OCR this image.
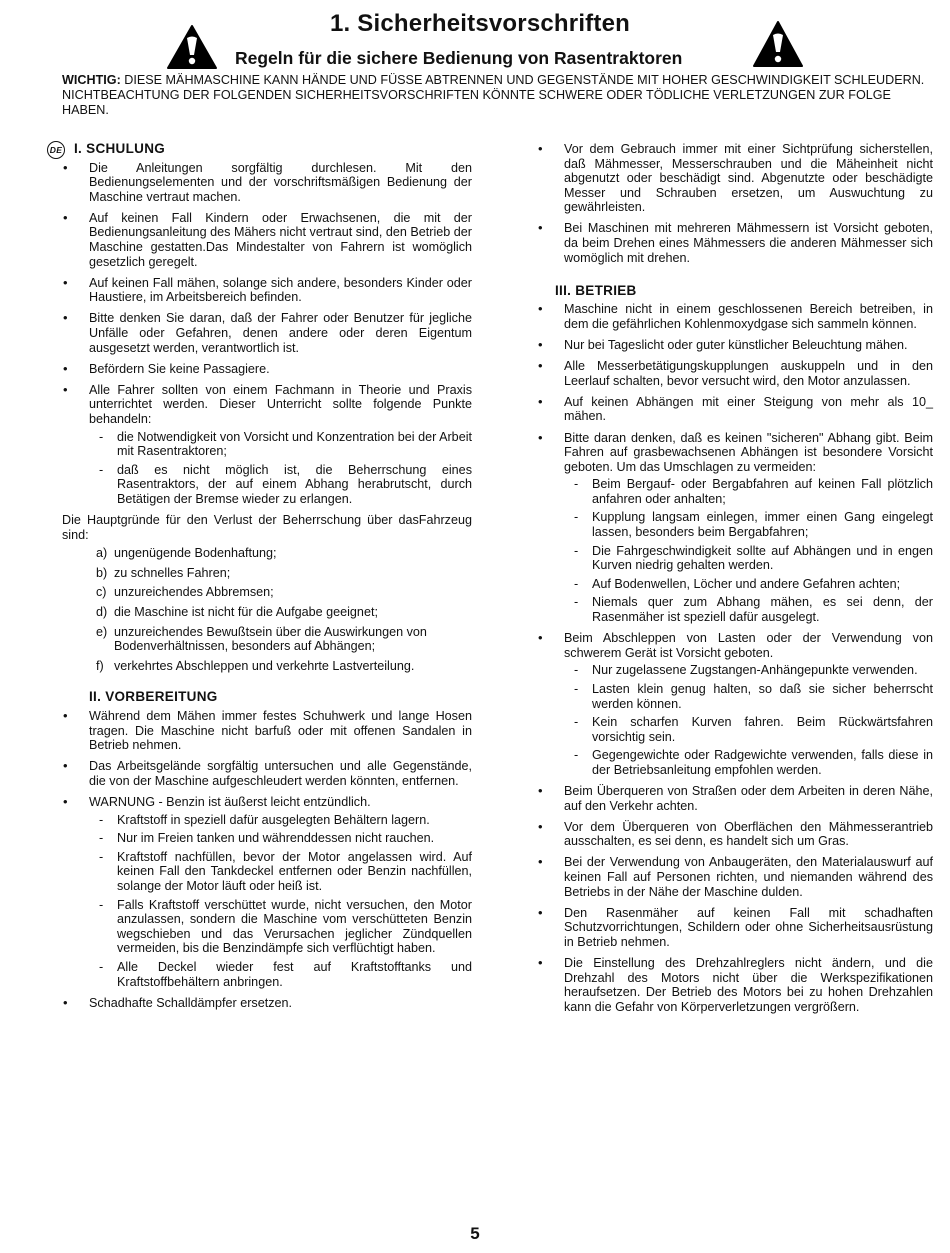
1. Sicherheitsvorschriften
Regeln für die sichere Bedienung von Rasentraktoren
WICHTIG: DIESE MÄHMASCHINE KANN HÄNDE UND FÜSSE ABTRENNEN UND GEGENSTÄNDE MIT HOHER GESCHWINDIGKEIT SCHLEUDERN. NICHTBEACHTUNG DER FOLGENDEN SICHERHEITSVORSCHRIFTEN KÖNNTE SCHWERE ODER TÖDLICHE VERLETZUNGEN ZUR FOLGE HABEN.
DE I. SCHULUNG
• Die Anleitungen sorgfältig durchlesen. Mit den Bedienungselementen und der vorschriftsmäßigen Bedienung der Maschine vertraut machen.
• Auf keinen Fall Kindern oder Erwachsenen, die mit der Bedienungsanleitung des Mähers nicht vertraut sind, den Betrieb der Maschine gestatten.Das Mindestalter von Fahrern ist womöglich gesetzlich geregelt.
• Auf keinen Fall mähen, solange sich andere, besonders Kinder oder Haustiere, im Arbeitsbereich befinden.
• Bitte denken Sie daran, daß der Fahrer oder Benutzer für jegliche Unfälle oder Gefahren, denen andere oder deren Eigentum ausgesetzt werden, verantwortlich ist.
• Befördern Sie keine Passagiere.
• Alle Fahrer sollten von einem Fachmann in Theorie und Praxis unterrichtet werden. Dieser Unterricht sollte folgende Punkte behandeln:
- die Notwendigkeit von Vorsicht und Konzentration bei der Arbeit mit Rasentraktoren;
- daß es nicht möglich ist, die Beherrschung eines Rasentraktors, der auf einem Abhang herabrutscht, durch Betätigen der Bremse wieder zu erlangen.

Die Hauptgründe für den Verlust der Beherrschung über dasFahrzeug sind:

a) ungenügende Bodenhaftung;
b) zu schnelles Fahren;
c) unzureichendes Abbremsen;
d) die Maschine ist nicht für die Aufgabe geeignet;
e) unzureichendes Bewußtsein über die Auswirkungen von Bodenverhältnissen, besonders auf Abhängen;
f) verkehrtes Abschleppen und verkehrte Lastverteilung.
II. VORBEREITUNG
• Während dem Mähen immer festes Schuhwerk und lange Hosen tragen. Die Maschine nicht barfuß oder mit offenen Sandalen in Betrieb nehmen.
• Das Arbeitsgelände sorgfältig untersuchen und alle Gegenstände, die von der Maschine aufgeschleudert werden könnten, entfernen.
• WARNUNG - Benzin ist äußerst leicht entzündlich.
- Kraftstoff in speziell dafür ausgelegten Behältern lagern.
- Nur im Freien tanken und währenddessen nicht rauchen.
- Kraftstoff nachfüllen, bevor der Motor angelassen wird. Auf keinen Fall den Tankdeckel entfernen oder Benzin nachfüllen, solange der Motor läuft oder heiß ist.
- Falls Kraftstoff verschüttet wurde, nicht versuchen, den Motor anzulassen, sondern die Maschine vom verschütteten Benzin wegschieben und das Verursachen jeglicher Zündquellen vermeiden, bis die Benzindämpfe sich verflüchtigt haben.
- Alle Deckel wieder fest auf Kraftstofftanks und Kraftstoffbehältern anbringen.
• Schadhafte Schalldämpfer ersetzen.
• Vor dem Gebrauch immer mit einer Sichtprüfung sicherstellen, daß Mähmesser, Messerschrauben und die Mäheinheit nicht abgenutzt oder beschädigt sind. Abgenutzte oder beschädigte Messer und Schrauben ersetzen, um Auswuchtung zu gewährleisten.
• Bei Maschinen mit mehreren Mähmessern ist Vorsicht geboten, da beim Drehen eines Mähmessers die anderen Mähmesser sich womöglich mit drehen.
III. BETRIEB
• Maschine nicht in einem geschlossenen Bereich betreiben, in dem die gefährlichen Kohlenmoxydgase sich sammeln können.
• Nur bei Tageslicht oder guter künstlicher Beleuchtung mähen.
• Alle Messerbetätigungskupplungen auskuppeln und in den Leerlauf schalten, bevor versucht wird, den Motor anzulassen.
• Auf keinen Abhängen mit einer Steigung von mehr als 10_ mähen.
• Bitte daran denken, daß es keinen "sicheren" Abhang gibt. Beim Fahren auf grasbewachsenen Abhängen ist besondere Vorsicht geboten. Um das Umschlagen zu vermeiden:
- Beim Bergauf- oder Bergabfahren auf keinen Fall plötzlich anfahren oder anhalten;
- Kupplung langsam einlegen, immer einen Gang eingelegt lassen, besonders beim Bergabfahren;
- Die Fahrgeschwindigkeit sollte auf Abhängen und in engen Kurven niedrig gehalten werden.
- Auf Bodenwellen, Löcher und andere Gefahren achten;
- Niemals quer zum Abhang mähen, es sei denn, der Rasenmäher ist speziell dafür ausgelegt.
• Beim Abschleppen von Lasten oder der Verwendung von schwerem Gerät ist Vorsicht geboten.
- Nur zugelassene Zugstangen-Anhängepunkte verwenden.
- Lasten klein genug halten, so daß sie sicher beherrscht werden können.
- Kein scharfen Kurven fahren. Beim Rückwärtsfahren vorsichtig sein.
- Gegengewichte oder Radgewichte verwenden, falls diese in der Betriebsanleitung empfohlen werden.
• Beim Überqueren von Straßen oder dem Arbeiten in deren Nähe, auf den Verkehr achten.
• Vor dem Überqueren von Oberflächen den Mähmesserantrieb ausschalten, es sei denn, es handelt sich um Gras.
• Bei der Verwendung von Anbaugeräten, den Materialauswurf auf keinen Fall auf Personen richten, und niemanden während des Betriebs in der Nähe der Maschine dulden.
• Den Rasenmäher auf keinen Fall mit schadhaften Schutzvorrichtungen, Schildern oder ohne Sicherheitsausrüstung in Betrieb nehmen.
• Die Einstellung des Drehzahlreglers nicht ändern, und die Drehzahl des Motors nicht über die Werkspezifikationen heraufsetzen. Der Betrieb des Motors bei zu hohen Drehzahlen kann die Gefahr von Körperverletzungen vergrößern.
5
